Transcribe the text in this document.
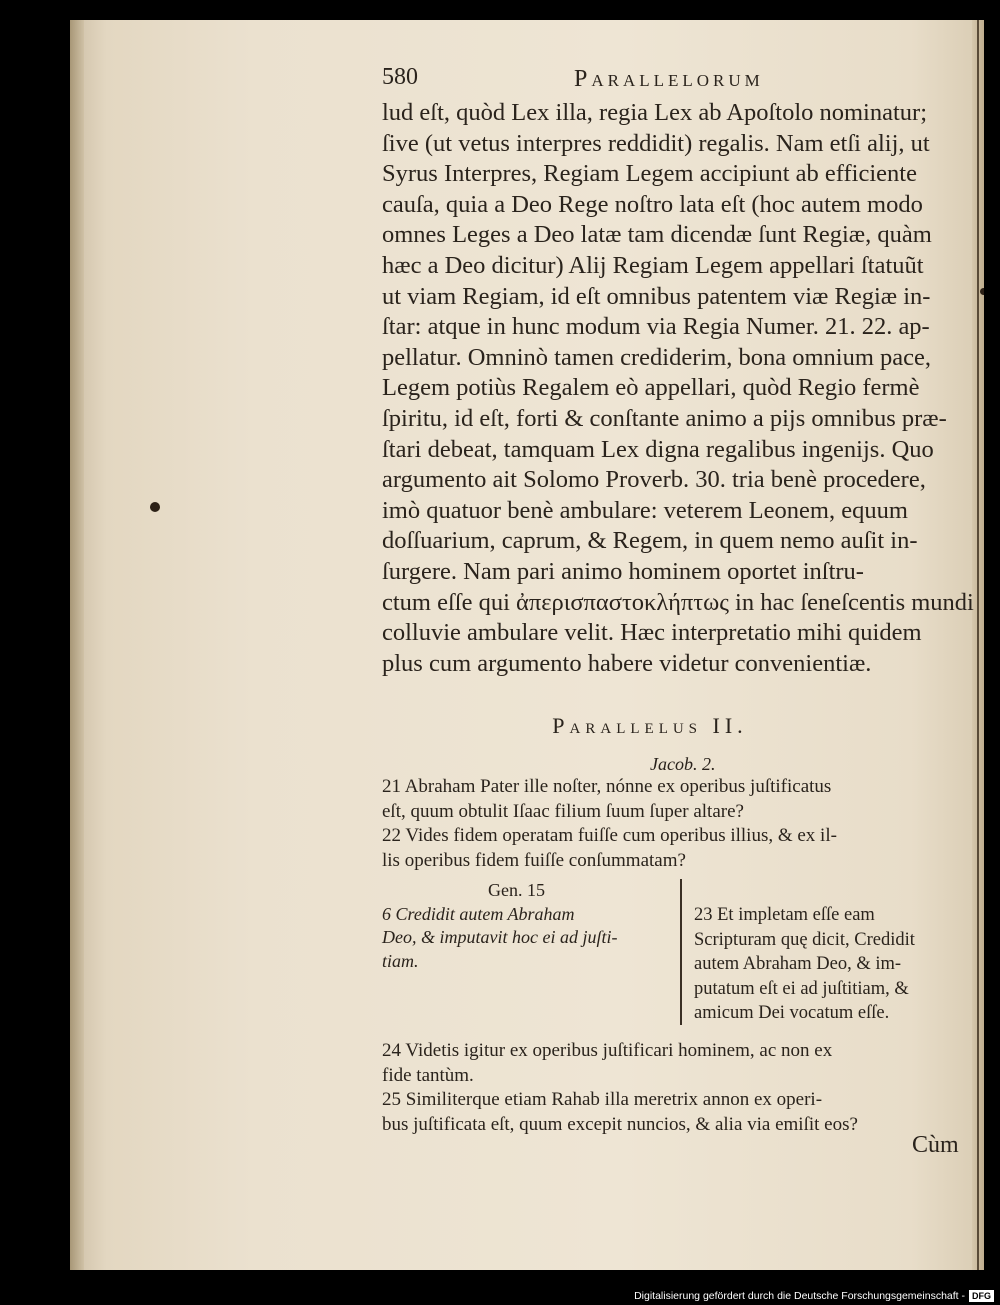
580	Parallelorum
lud eſt, quòd Lex illa, regia Lex ab Apoſtolo nominatur;
ſive (ut vetus interpres reddidit) regalis. Nam etſi alij, ut
Syrus Interpres, Regiam Legem accipiunt ab efficiente
cauſa, quia a Deo Rege noſtro lata eſt (hoc autem modo
omnes Leges a Deo latæ tam dicendæ ſunt Regiæ, quàm
hæc a Deo dicitur) Alij Regiam Legem appellari ſtatuũt
ut viam Regiam, id eſt omnibus patentem viæ Regiæ in-
ſtar: atque in hunc modum via Regia Numer. 21. 22. ap-
pellatur. Omninò tamen crediderim, bona omnium pace,
Legem potiùs Regalem eò appellari, quòd Regio fermè
ſpiritu, id eſt, forti & conſtante animo a pijs omnibus præ-
ſtari debeat, tamquam Lex digna regalibus ingenijs. Quo
argumento ait Solomo Proverb. 30. tria benè procedere,
imò quatuor benè ambulare: veterem Leonem, equum
doſſuarium, caprum, & Regem, in quem nemo auſit in-
ſurgere. Nam pari animo hominem oportet inſtru-
ctum eſſe qui ἀπερισπαστοκλήπτως in hac ſeneſcentis mundi
colluvie ambulare velit. Hæc interpretatio mihi quidem
plus cum argumento habere videtur convenientiæ.
Parallelus II.
Jacob. 2.
21 Abraham Pater ille noſter, nónne ex operibus juſtificatus
eſt, quum obtulit Iſaac filium ſuum ſuper altare?
22 Vides fidem operatam fuiſſe cum operibus illius, & ex il-
lis operibus fidem fuiſſe conſummatam?
Gen. 15
6 Credidit autem Abraham
Deo, & imputavit hoc ei ad juſti-
tiam.
23 Et impletam eſſe eam
Scripturam quę dicit, Credidit
autem Abraham Deo, & im-
putatum eſt ei ad juſtitiam, &
amicum Dei vocatum eſſe.
24 Videtis igitur ex operibus juſtificari hominem, ac non ex
fide tantùm.
25 Similiterque etiam Rahab illa meretrix annon ex operi-
bus juſtificata eſt, quum excepit nuncios, & alia via emiſit eos?
Cùm
Digitalisierung gefördert durch die Deutsche Forschungsgemeinschaft - DFG
